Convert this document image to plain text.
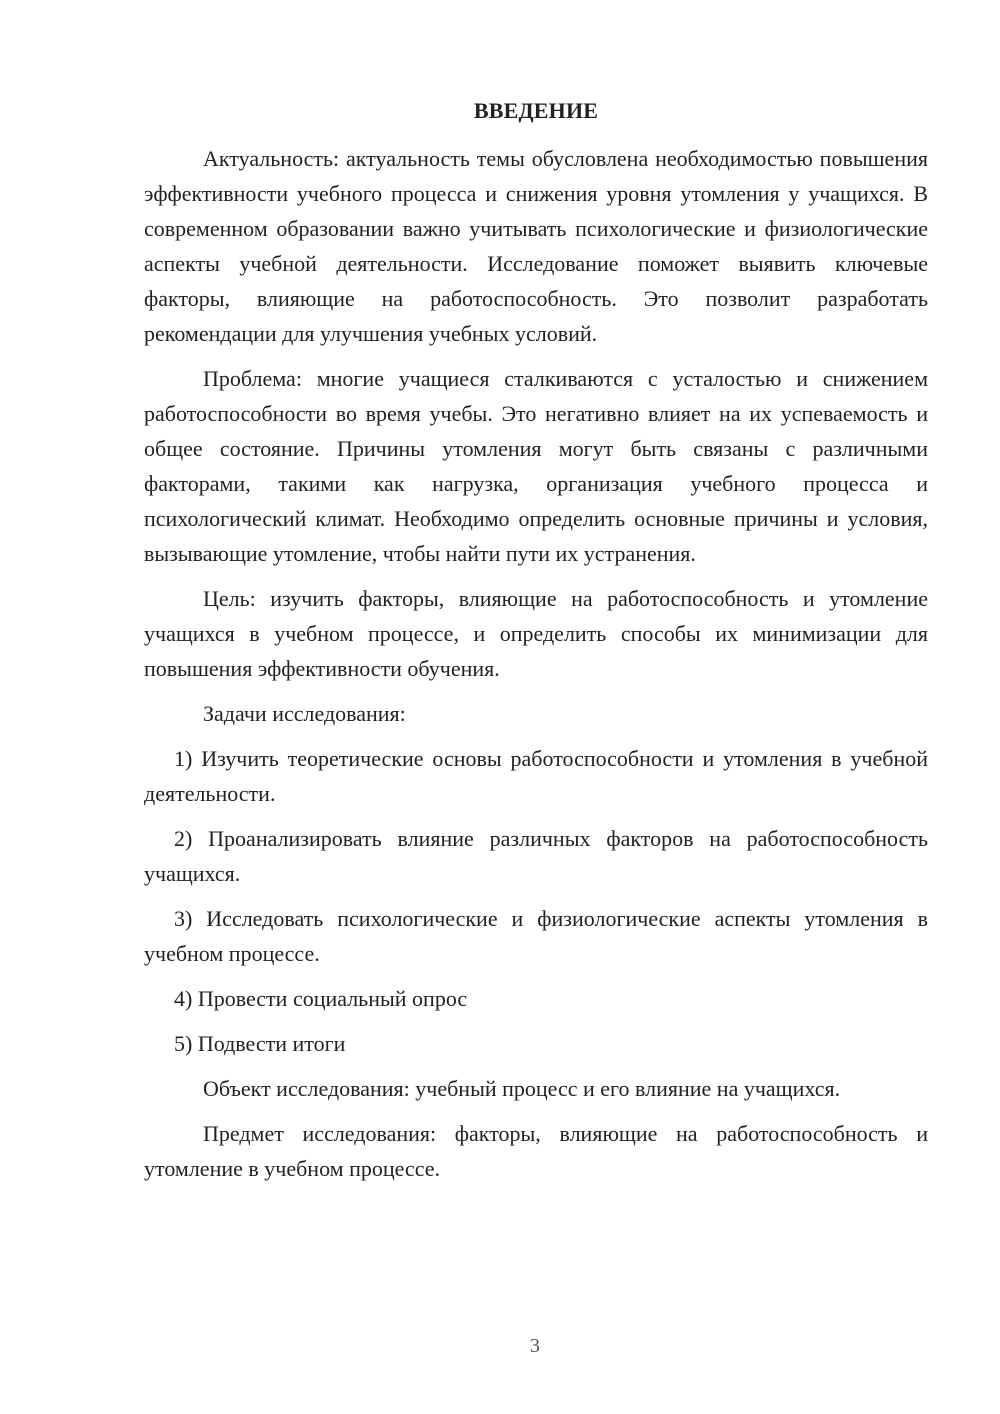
ВВЕДЕНИЕ

Актуальность: актуальность темы обусловлена необходимостью повышения эффективности учебного процесса и снижения уровня утомления у учащихся. В современном образовании важно учитывать психологические и физиологические аспекты учебной деятельности. Исследование поможет выявить ключевые факторы, влияющие на работоспособность. Это позволит разработать рекомендации для улучшения учебных условий.

Проблема: многие учащиеся сталкиваются с усталостью и снижением работоспособности во время учебы. Это негативно влияет на их успеваемость и общее состояние. Причины утомления могут быть связаны с различными факторами, такими как нагрузка, организация учебного процесса и психологический климат. Необходимо определить основные причины и условия, вызывающие утомление, чтобы найти пути их устранения.

Цель: изучить факторы, влияющие на работоспособность и утомление учащихся в учебном процессе, и определить способы их минимизации для повышения эффективности обучения.

Задачи исследования:

1) Изучить теоретические основы работоспособности и утомления в учебной деятельности.

2) Проанализировать влияние различных факторов на работоспособность учащихся.

3) Исследовать психологические и физиологические аспекты утомления в учебном процессе.

4) Провести социальный опрос

5) Подвести итоги

Объект исследования: учебный процесс и его влияние на учащихся.

Предмет исследования: факторы, влияющие на работоспособность и утомление в учебном процессе.

3
